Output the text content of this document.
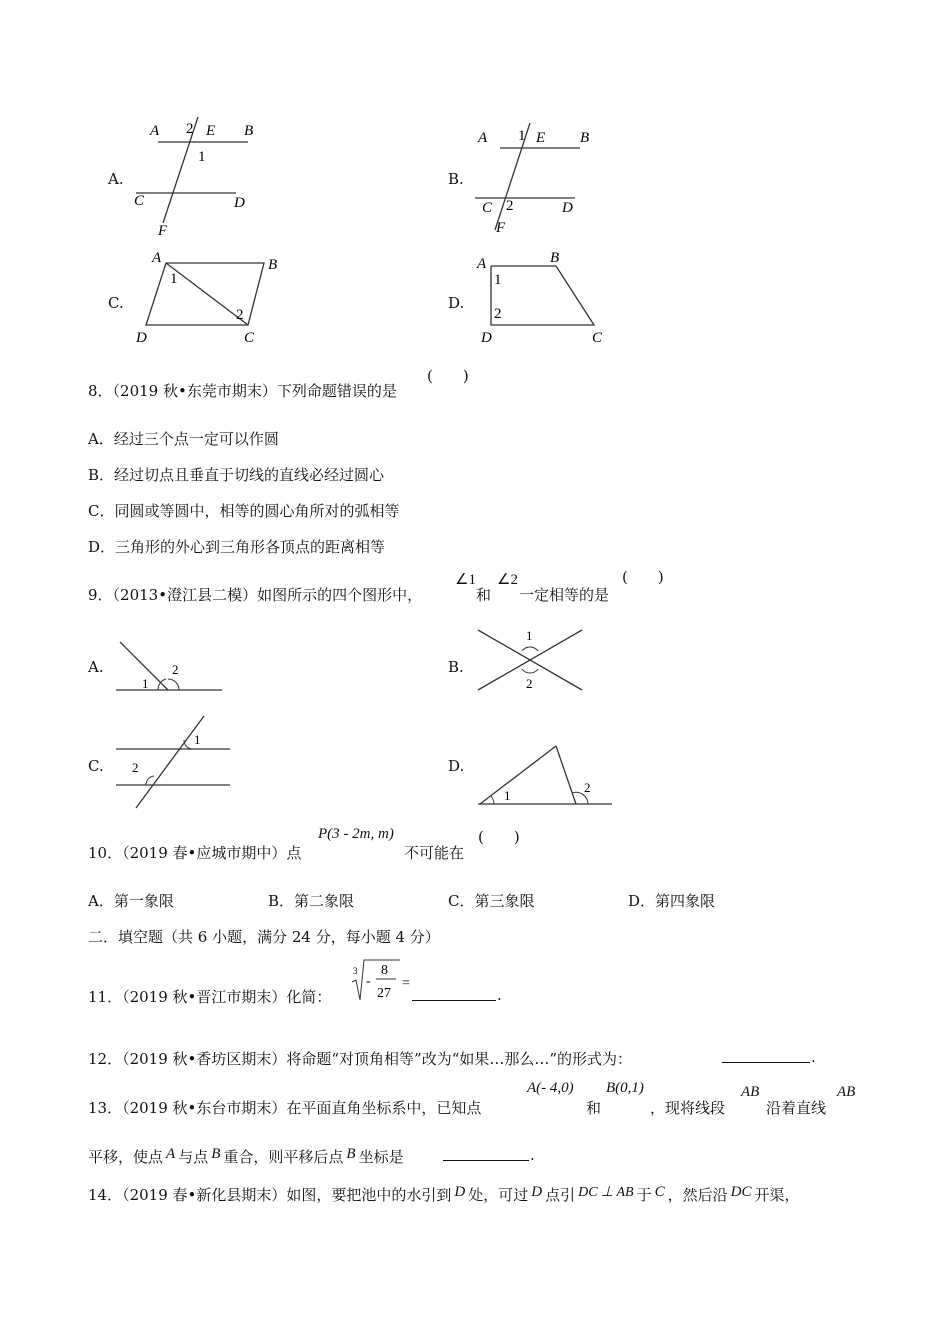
A.
A 2 E B
1
C	D
F
B.
A 1 E B
C 2	D
F
C.
A	B
1
2
D	C
D.
A	B
1
2
D	C
8．（2019 秋•东莞市期末）下列命题错误的是
(　　)
A．经过三个点一定可以作圆
B．经过切点且垂直于切线的直线必经过圆心
C．同圆或等圆中，相等的圆心角所对的弧相等
D．三角形的外心到三角形各顶点的距离相等
9．（2013•澄江县二模）如图所示的四个图形中，
∠1
和
∠2
一定相等的是
(　　)
A.
1
2	B.
1
2
C.
1
2	D.
1
2
10．（2019 春•应城市期中）点
P(3 - 2m, m)
不可能在
(　　)
A．第一象限	B．第二象限	C．第三象限	D．第四象限
二．填空题（共 6 小题，满分 24 分，每小题 4 分）
11．（2019 秋•晋江市期末）化简：
3
-
8
27
=
.
12．（2019 秋•香坊区期末）将命题“对顶角相等”改为“如果…那么…”的形式为：	.
13．（2019 秋•东台市期末）在平面直角坐标系中，已知点
A(- 4,0)
和
B(0,1)
，现将线段
AB
沿着直线
AB
平移，使点 A 与点 B 重合，则平移后点 B 坐标是	.
14．（2019 春•新化县期末）如图，要把池中的水引到 D 处，可过 D 点引 DC ⊥ AB 于 C ，然后沿 DC 开渠，
